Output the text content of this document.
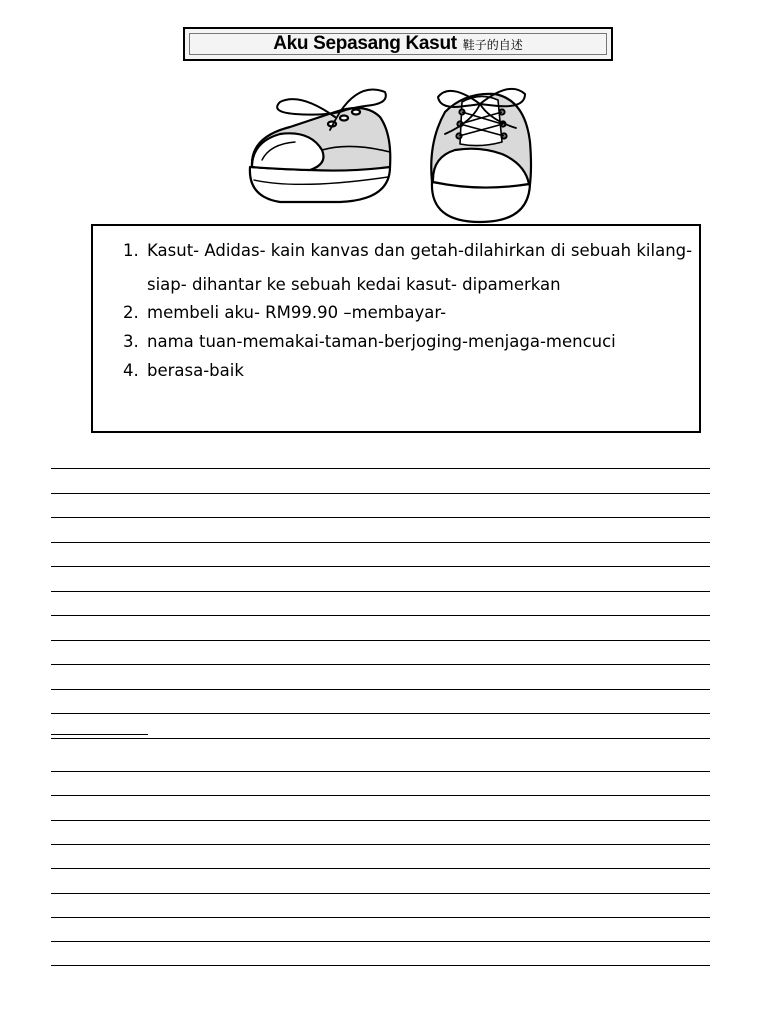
Aku Sepasang Kasut 鞋子的自述
1. Kasut- Adidas- kain kanvas dan getah-dilahirkan di sebuah kilang-siap- dihantar ke sebuah kedai kasut- dipamerkan
2. membeli aku- RM99.90 –membayar-
3. nama tuan-memakai-taman-berjoging-menjaga-mencuci
4. berasa-baik
